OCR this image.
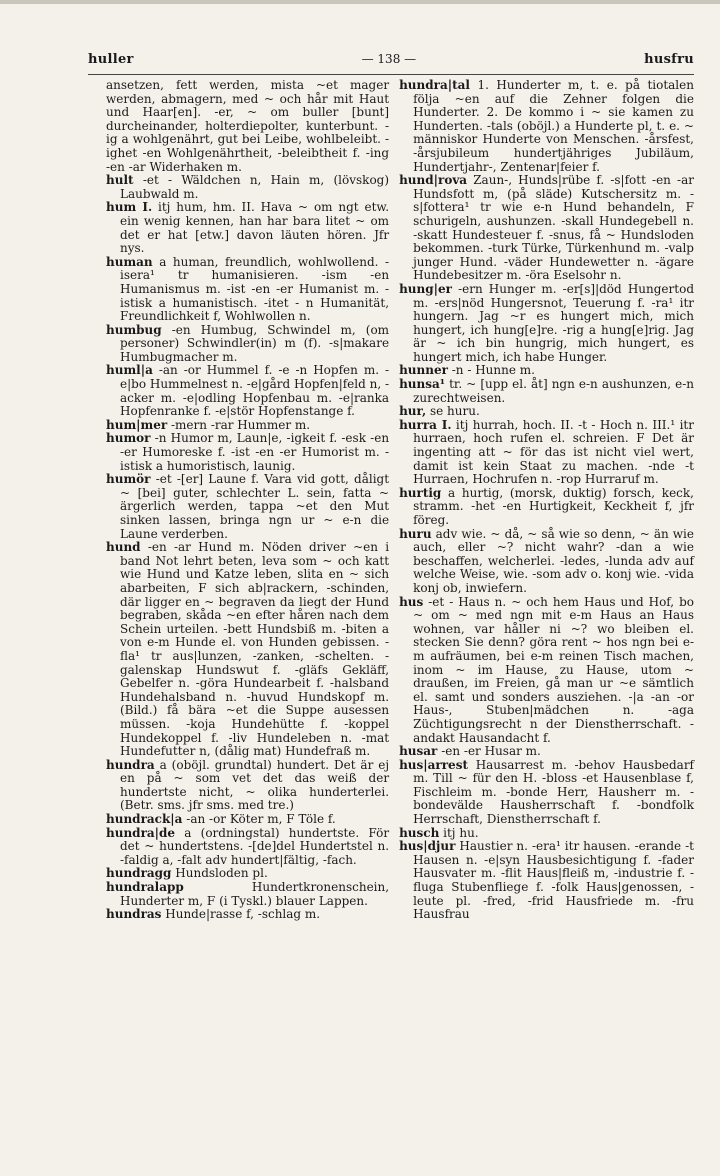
huller	— 138 —	husfru

ansetzen, fett werden, mista ~et mager werden, abmagern, med ~ och hår mit Haut und Haar[en]. -er, ~ om buller [bunt] durcheinander, holterdiepolter, kunterbunt. -ig a wohlgenährt, gut bei Leibe, wohlbeleibt. -ighet -en Wohlgenährtheit, -beleibtheit f. -ing -en -ar Widerhaken m.

hult -et - Wäldchen n, Hain m, (lövskog) Laubwald m.

hum I. itj hum, hm. II. Hava ~ om ngt etw. ein wenig kennen, han har bara litet ~ om det er hat [etw.] davon läuten hören. Jfr nys.

human a human, freundlich, wohlwollend. -isera¹ tr humanisieren. -ism -en Humanismus m. -ist -en -er Humanist m. -istisk a humanistisch. -itet - n Humanität, Freundlichkeit f, Wohlwollen n.

humbug -en Humbug, Schwindel m, (om personer) Schwindler(in) m (f). -s|makare Humbugmacher m.

huml|a -an -or Hummel f. -e -n Hopfen m. -e|bo Hummelnest n. -e|gård Hopfen|feld n, -acker m. -e|odling Hopfenbau m. -e|ranka Hopfenranke f. -e|stör Hopfenstange f.

hum|mer -mern -rar Hummer m.

humor -n Humor m, Laun|e, -igkeit f. -esk -en -er Humoreske f. -ist -en -er Humorist m. -istisk a humoristisch, launig.

humör -et -[er] Laune f. Vara vid gott, dåligt ~ [bei] guter, schlechter L. sein, fatta ~ ärgerlich werden, tappa ~et den Mut sinken lassen, bringa ngn ur ~ e-n die Laune verderben.

hund -en -ar Hund m. Nöden driver ~en i band Not lehrt beten, leva som ~ och katt wie Hund und Katze leben, slita en ~ sich abarbeiten, F sich ab|rackern, -schinden, där ligger en ~ begraven da liegt der Hund begraben, skåda ~en efter håren nach dem Schein urteilen. -bett Hundsbiß m. -biten a von e-m Hunde el. von Hunden gebissen. -fla¹ tr aus|lunzen, -zanken, -schelten. -galenskap Hundswut f. -gläfs Gekläff, Gebelfer n. -göra Hundearbeit f. -halsband Hundehalsband n. -huvud Hundskopf m. (Bild.) få bära ~et die Suppe ausessen müssen. -koja Hundehütte f. -koppel Hundekoppel f. -liv Hundeleben n. -mat Hundefutter n, (dålig mat) Hundefraß m.

hundra a (oböjl. grundtal) hundert. Det är ej en på ~ som vet det das weiß der hundertste nicht, ~ olika hunderterlei. (Betr. sms. jfr sms. med tre.)

hundrack|a -an -or Köter m, F Töle f.

hundra|de a (ordningstal) hundertste. För det ~ hundertstens. -[de]del Hundertstel n. -faldig a, -falt adv hundert|fältig, -fach.

hundragg Hundsloden pl.

hundralapp	Hundertkronenschein, Hunderter m, F (i Tyskl.) blauer Lappen.

hundras Hunde|rasse f, -schlag m.

hundra|tal 1. Hunderter m, t. e. på tiotalen följa ~en auf die Zehner folgen die Hunderter. 2. De kommo i ~ sie kamen zu Hunderten. -tals (oböjl.) a Hunderte pl, t. e. ~ människor Hunderte von Menschen. -årsfest, -årsjubileum hundertjähriges Jubiläum, Hundertjahr-, Zentenar|feier f.

hund|rova Zaun-, Hunds|rübe f. -s|fott -en -ar Hundsfott m, (på släde) Kutschersitz m. -s|fottera¹ tr wie e-n Hund behandeln, F schurigeln, aushunzen. -skall Hundegebell n. -skatt Hundesteuer f. -snus, få ~ Hundsloden bekommen. -turk Türke, Türkenhund m. -valp junger Hund. -väder Hundewetter n. -ägare Hundebesitzer m. -öra Eselsohr n.

hung|er -ern Hunger m. -er[s]|död Hungertod m. -ers|nöd Hungersnot, Teuerung f. -ra¹ itr hungern. Jag ~r es hungert mich, mich hungert, ich hung[e]re. -rig a hung[e]rig. Jag är ~ ich bin hungrig, mich hungert, es hungert mich, ich habe Hunger.

hunner -n - Hunne m.

hunsa¹ tr. ~ [upp el. åt] ngn e-n aushunzen, e-n zurechtweisen.

hur, se huru.

hurra I. itj hurrah, hoch. II. -t - Hoch n. III.¹ itr hurraen, hoch rufen el. schreien. F Det är ingenting att ~ för das ist nicht viel wert, damit ist kein Staat zu machen. -nde -t Hurraen, Hochrufen n. -rop Hurraruf m.

hurtig a hurtig, (morsk, duktig) forsch, keck, stramm. -het -en Hurtigkeit, Keckheit f, jfr föreg.

huru adv wie. ~ då, ~ så wie so denn, ~ än wie auch, eller ~? nicht wahr? -dan a wie beschaffen, welcherlei. -ledes, -lunda adv auf welche Weise, wie. -som adv o. konj wie. -vida konj ob, inwiefern.

hus -et - Haus n. ~ och hem Haus und Hof, bo ~ om ~ med ngn mit e-m Haus an Haus wohnen, var håller ni ~? wo bleiben el. stecken Sie denn? göra rent ~ hos ngn bei e-m aufräumen, bei e-m reinen Tisch machen, inom ~ im Hause, zu Hause, utom ~ draußen, im Freien, gå man ur ~e sämtlich el. samt und sonders ausziehen. -|a -an -or Haus-, Stuben|mädchen n. -aga Züchtigungsrecht n der Dienstherrschaft. -andakt Hausandacht f.

husar -en -er Husar m.

hus|arrest Hausarrest m. -behov Hausbedarf m. Till ~ für den H. -bloss -et Hausenblase f, Fischleim m. -bonde Herr, Hausherr m. -bondevälde Hausherrschaft f. -bondfolk Herrschaft, Dienstherrschaft f.

husch itj hu.

hus|djur Haustier n. -era¹ itr hausen. -erande -t Hausen n. -e|syn Hausbesichtigung f. -fader Hausvater m. -flit Haus|fleiß m, -industrie f. -fluga Stubenfliege f. -folk Haus|genossen, -leute pl. -fred, -frid Hausfriede m. -fru Hausfrau
